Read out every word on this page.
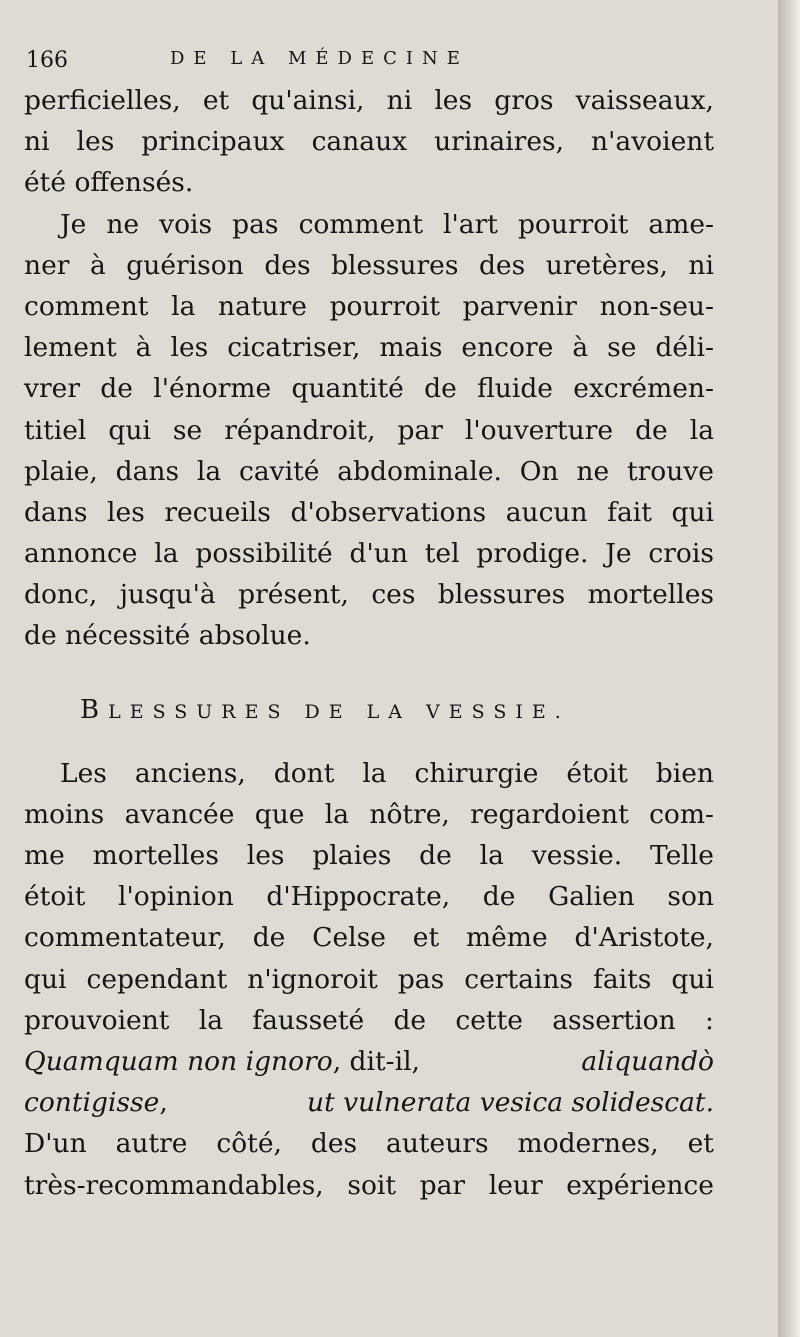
166	DE LA MÉDECINE
perficielles, et qu'ainsi, ni les gros vaisseaux,
ni les principaux canaux urinaires, n'avoient
été offensés.
Je ne vois pas comment l'art pourroit ame-
ner à guérison des blessures des uretères, ni
comment la nature pourroit parvenir non-seu-
lement à les cicatriser, mais encore à se déli-
vrer de l'énorme quantité de fluide excrémen-
titiel qui se répandroit, par l'ouverture de la
plaie, dans la cavité abdominale. On ne trouve
dans les recueils d'observations aucun fait qui
annonce la possibilité d'un tel prodige. Je crois
donc, jusqu'à présent, ces blessures mortelles
de nécessité absolue.
BLESSURES DE LA VESSIE.
Les anciens, dont la chirurgie étoit bien
moins avancée que la nôtre, regardoient com-
me mortelles les plaies de la vessie. Telle
étoit l'opinion d'Hippocrate, de Galien son
commentateur, de Celse et même d'Aristote,
qui cependant n'ignoroit pas certains faits qui
prouvoient la fausseté de cette assertion :
Quamquam non ignoro, dit-il,	aliquandò
contigisse,	ut vulnerata vesica solidescat.
D'un autre côté, des auteurs modernes, et
très-recommandables, soit par leur expérience
